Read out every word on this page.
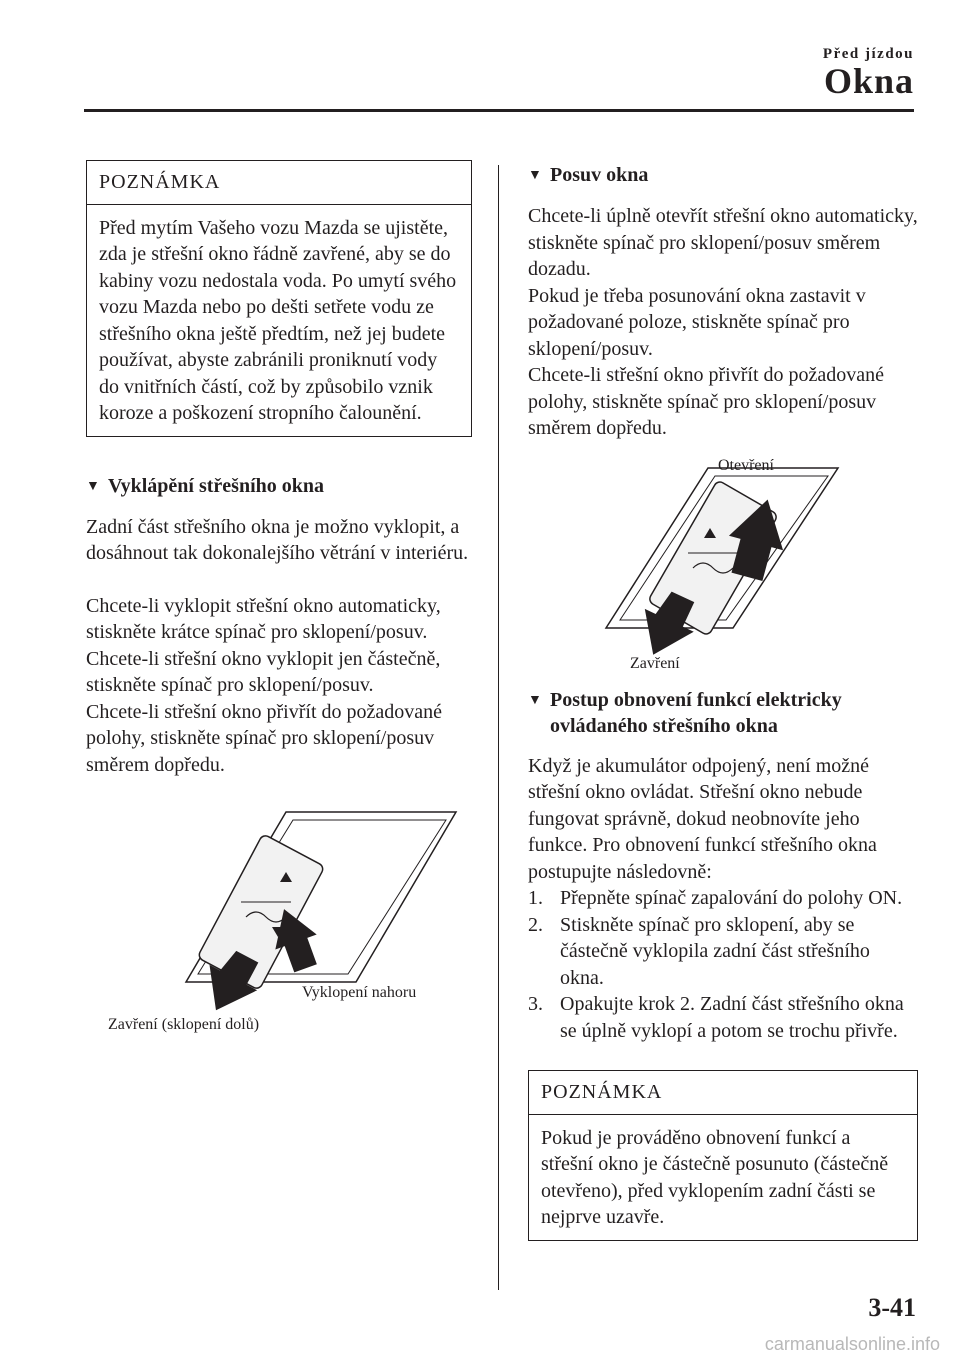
Před jízdou
Okna
POZNÁMKA
Před mytím Vašeho vozu Mazda se ujistěte, zda je střešní okno řádně zavřené, aby se do kabiny vozu nedostala voda. Po umytí svého vozu Mazda nebo po dešti setřete vodu ze střešního okna ještě předtím, než jej budete používat, abyste zabránili proniknutí vody do vnitřních částí, což by způsobilo vznik koroze a poškození stropního čalounění.
▼ Vyklápění střešního okna

Zadní část střešního okna je možno vyklopit, a dosáhnout tak dokonalejšího větrání v interiéru.

Chcete-li vyklopit střešní okno automaticky, stiskněte krátce spínač pro sklopení/posuv.

Chcete-li střešní okno vyklopit jen částečně, stiskněte spínač pro sklopení/posuv.

Chcete-li střešní okno přivřít do požadované polohy, stiskněte spínač pro sklopení/posuv směrem dopředu.

Vyklopení nahoru
Zavření (sklopení dolů)
▼ Posuv okna

Chcete-li úplně otevřít střešní okno automaticky, stiskněte spínač pro sklopení/posuv směrem dozadu.

Pokud je třeba posunování okna zastavit v požadované poloze, stiskněte spínač pro sklopení/posuv.

Chcete-li střešní okno přivřít do požadované polohy, stiskněte spínač pro sklopení/posuv směrem dopředu.

Otevření
Zavření
▼ Postup obnovení funkcí elektricky ovládaného střešního okna

Když je akumulátor odpojený, není možné střešní okno ovládat. Střešní okno nebude fungovat správně, dokud neobnovíte jeho funkce. Pro obnovení funkcí střešního okna postupujte následovně:

1. Přepněte spínač zapalování do polohy ON.
2. Stiskněte spínač pro sklopení, aby se částečně vyklopila zadní část střešního okna.
3. Opakujte krok 2. Zadní část střešního okna se úplně vyklopí a potom se trochu přivře.
POZNÁMKA
Pokud je prováděno obnovení funkcí a střešní okno je částečně posunuto (částečně otevřeno), před vyklopením zadní části se nejprve uzavře.
3-41
carmanualsonline.info
